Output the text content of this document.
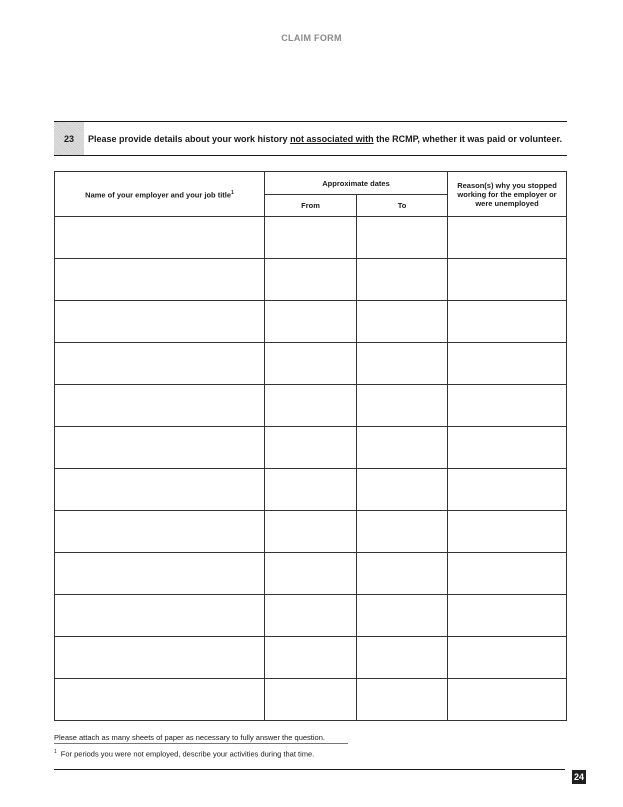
CLAIM FORM
23	Please provide details about your work history not associated with the RCMP, whether it was paid or volunteer.
Name of your employer and your job title$^1$	Approximate dates		Reason(s) why you stopped working for the employer or were unemployed
	From	To	

Please attach as many sheets of paper as necessary to fully answer the question.
$^1$ For periods you were not employed, describe your activities during that time.
24
